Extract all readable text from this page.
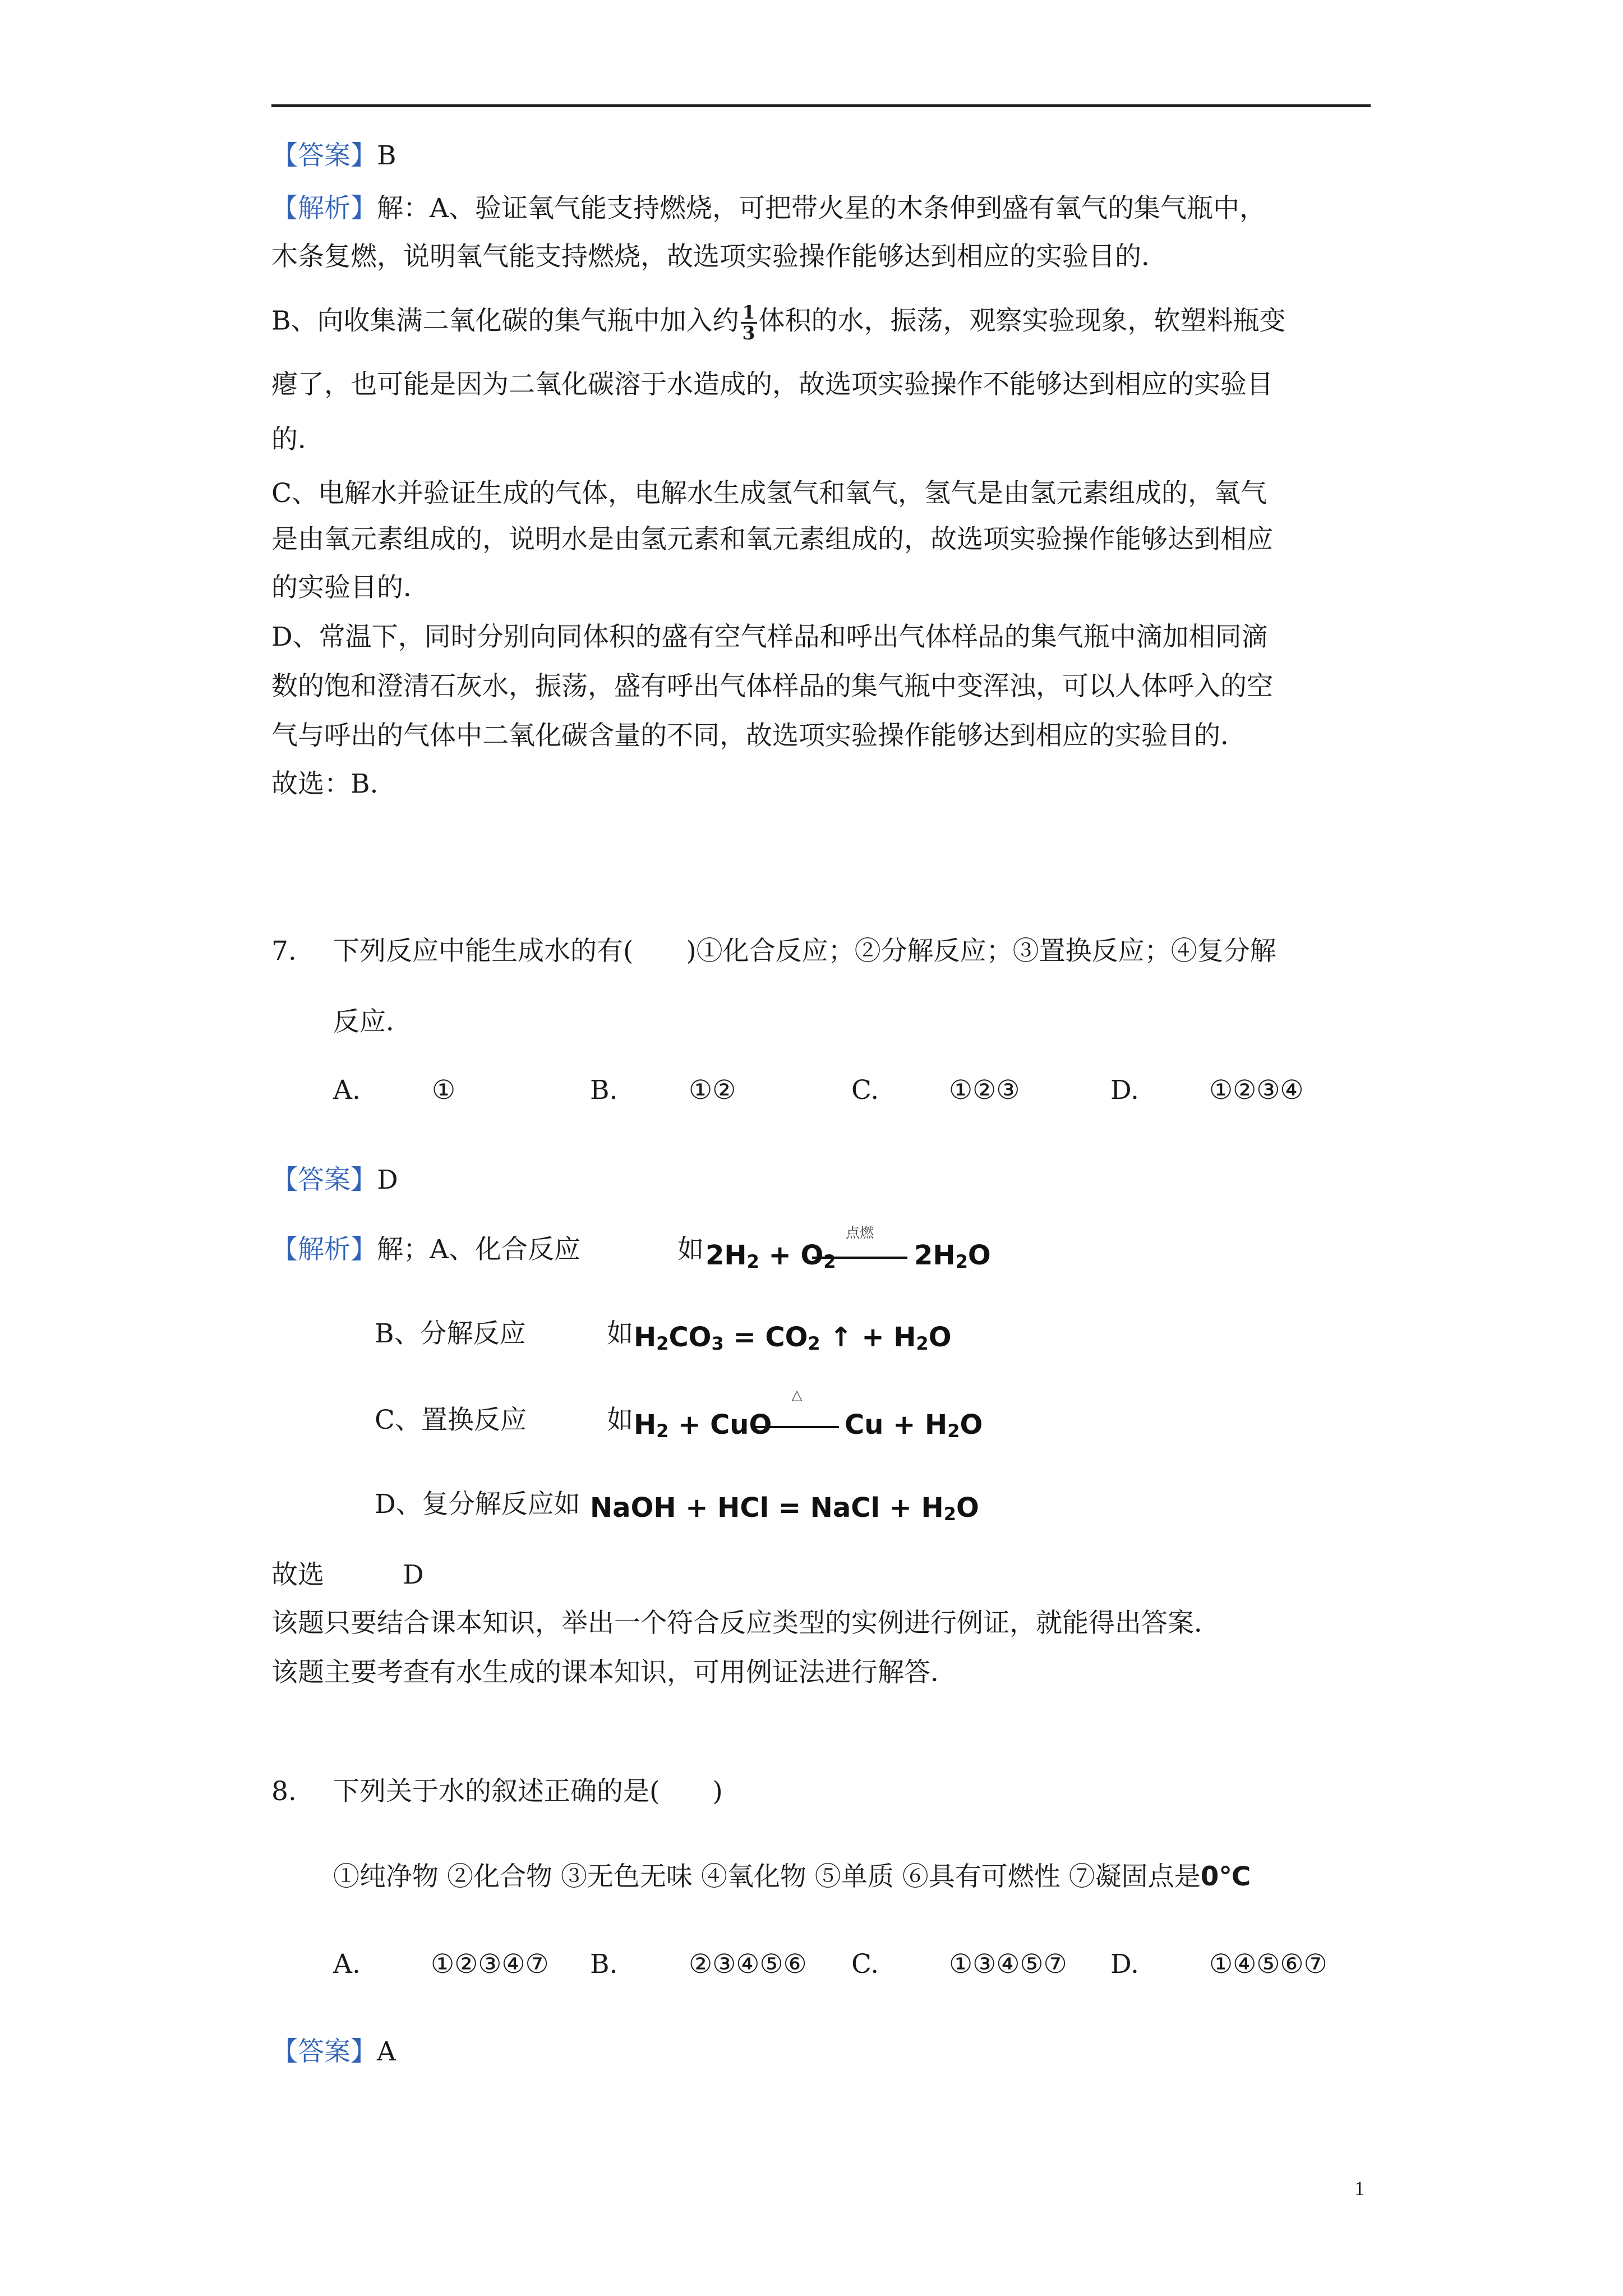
【答案】B
【解析】解：A、验证氧气能支持燃烧，可把带火星的木条伸到盛有氧气的集气瓶中，
木条复燃，说明氧气能支持燃烧，故选项实验操作能够达到相应的实验目的．
B、向收集满二氧化碳的集气瓶中加入约 $\frac{1}{3}$ 体积的水，振荡，观察实验现象，软塑料瓶变
瘪了，也可能是因为二氧化碳溶于水造成的，故选项实验操作不能够达到相应的实验目
的．
C、电解水并验证生成的气体，电解水生成氢气和氧气，氢气是由氢元素组成的，氧气
是由氧元素组成的，说明水是由氢元素和氧元素组成的，故选项实验操作能够达到相应
的实验目的．
D、常温下，同时分别向同体积的盛有空气样品和呼出气体样品的集气瓶中滴加相同滴
数的饱和澄清石灰水，振荡，盛有呼出气体样品的集气瓶中变浑浊，可以人体呼入的空
气与呼出的气体中二氧化碳含量的不同，故选项实验操作能够达到相应的实验目的．
故选：B.
7. 下列反应中能生成水的有(　　)①化合反应；②分解反应；③置换反应；④复分解
反应．
A.	①	B.	①②	C.	①②③	D.	①②③④
【答案】D
【解析】解；A、化合反应	如 $2H_2 + O_2$
点燃
$2H_2O$
B、分解反应	如 $H_2CO_3 = CO_2$ ↑ + $H_2O$
C、置换反应	如 $H_2$ + CuO
△
$Cu + H_2O$
D、复分解反应如 NaOH + HCl = NaCl + $H_2O$
故选	D
该题只要结合课本知识，举出一个符合反应类型的实例进行例证，就能得出答案．
该题主要考查有水生成的课本知识，可用例证法进行解答．
8. 下列关于水的叙述正确的是(　　)
①纯净物 ②化合物 ③无色无味 ④氧化物 ⑤单质 ⑥具有可燃性 ⑦凝固点是0℃
A.	①②③④⑦ B.	②③④⑤⑥ C.	①③④⑤⑦ D.	①④⑤⑥⑦
【答案】A
1
